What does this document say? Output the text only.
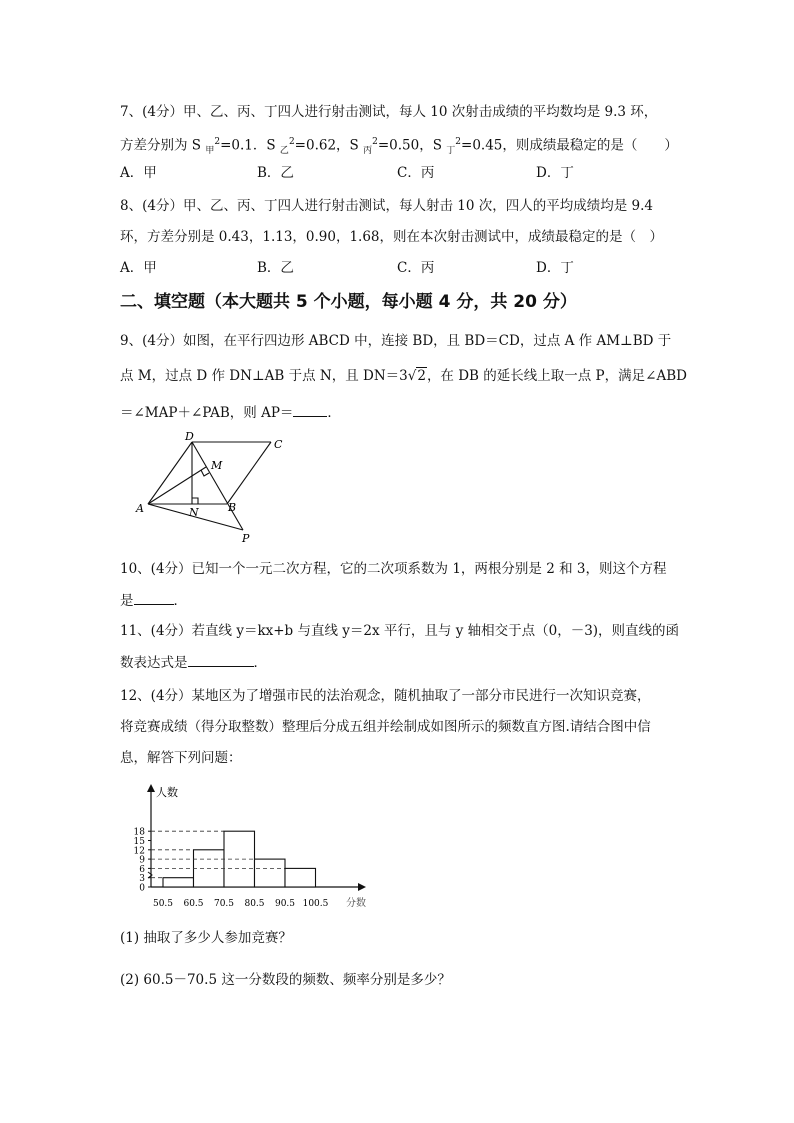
7、(4分）甲、乙、丙、丁四人进行射击测试，每人 10 次射击成绩的平均数均是 9.3 环，
方差分别为 S $_甲^2$=0.1．S $_乙^2$=0.62，S $_丙^2$=0.50，S $_丁^2$=0.45，则成绩最稳定的是（　　）
A．甲	B．乙	C．丙	D．丁
8、(4分）甲、乙、丙、丁四人进行射击测试，每人射击 10 次，四人的平均成绩均是 9.4
环，方差分别是 0.43，1.13，0.90，1.68，则在本次射击测试中，成绩最稳定的是（　）
A．甲	B．乙	C．丙	D．丁
二、填空题（本大题共 5 个小题，每小题 4 分，共 20 分）
9、(4分）如图，在平行四边形 ABCD 中，连接 BD，且 BD＝CD，过点 A 作 AM⊥BD 于
点 M，过点 D 作 DN⊥AB 于点 N，且 DN＝3√2，在 DB 的延长线上取一点 P，满足∠ABD
＝∠MAP＋∠PAB，则 AP＝	．
D
C
M
A	N	B
P
10、(4分）已知一个一元二次方程，它的二次项系数为 1，两根分别是 2 和 3，则这个方程
是	．
11、(4分）若直线 y＝kx+b 与直线 y＝2x 平行，且与 y 轴相交于点（0，－3)，则直线的函
数表达式是	．
12、(4分）某地区为了增强市民的法治观念，随机抽取了一部分市民进行一次知识竞赛，
将竞赛成绩（得分取整数）整理后分成五组并绘制成如图所示的频数直方图.请结合图中信
息，解答下列问题：
人数
分数
0
3
6
9
12
15
18
50.5 60.5 70.5 80.5 90.5 100.5
(1) 抽取了多少人参加竞赛？
(2) 60.5－70.5 这一分数段的频数、频率分别是多少？
